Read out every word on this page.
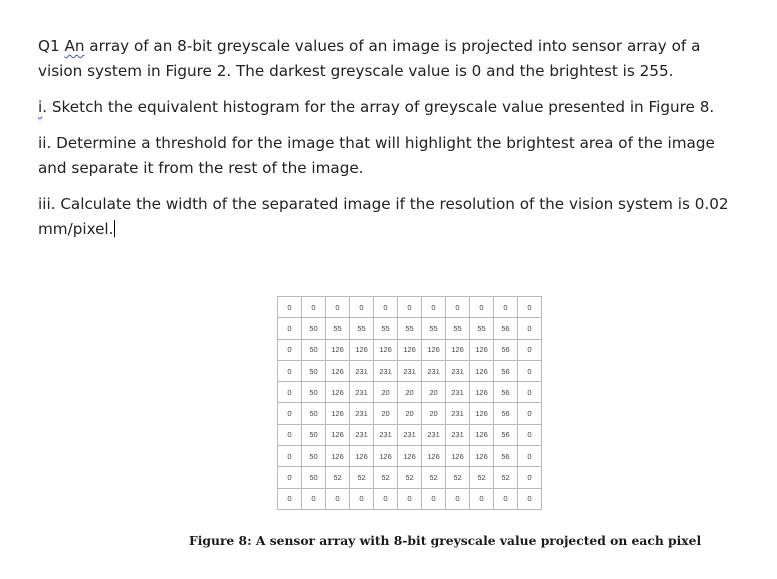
Q1 An array of an 8-bit greyscale values of an image is projected into sensor array of a vision system in Figure 2. The darkest greyscale value is 0 and the brightest is 255.

i. Sketch the equivalent histogram for the array of greyscale value presented in Figure 8.

ii. Determine a threshold for the image that will highlight the brightest area of the image and separate it from the rest of the image.

iii. Calculate the width of the separated image if the resolution of the vision system is 0.02 mm/pixel.

0	0	0	0	0	0	0	0	0	0	0
0	50	55	55	55	55	55	55	55	56	0
0	50	126	126	126	126	126	126	126	56	0
0	50	126	231	231	231	231	231	126	56	0
0	50	126	231	20	20	20	231	126	56	0
0	50	126	231	20	20	20	231	126	56	0
0	50	126	231	231	231	231	231	126	56	0
0	50	126	126	126	126	126	126	126	56	0
0	50	52	52	52	52	52	52	52	52	0
0	0	0	0	0	0	0	0	0	0	0
Figure 8: A sensor array with 8-bit greyscale value projected on each pixel
